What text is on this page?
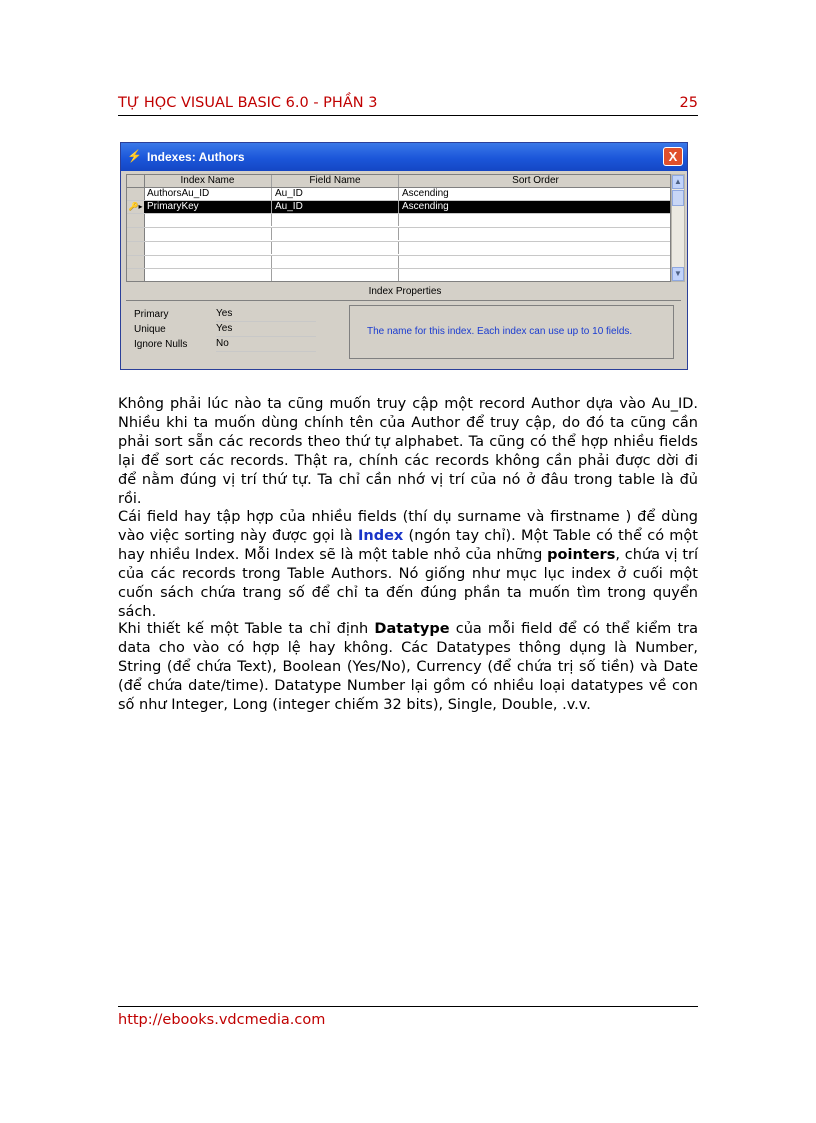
TỰ HỌC VISUAL BASIC 6.0 - PHẦN 3	25
⚡ Indexes: Authors	X
Index Name	Field Name	Sort Order
AuthorsAu_ID	Au_ID	Ascending
🔑▸ PrimaryKey	Au_ID	Ascending
▲
▼
Index Properties
Primary	Yes
Unique	Yes
Ignore Nulls	No
The name for this index. Each index can use up to 10 fields.

Không phải lúc nào ta cũng muốn truy cập một record Author dựa vào Au_ID. Nhiều khi ta muốn dùng chính tên của Author để truy cập, do đó ta cũng cần phải sort sẵn các records theo thứ tự alphabet. Ta cũng có thể hợp nhiều fields lại để sort các records. Thật ra, chính các records không cần phải được dời đi để nằm đúng vị trí thứ tự. Ta chỉ cần nhớ vị trí của nó ở đâu trong table là đủ rồi.

Cái field hay tập hợp của nhiều fields (thí dụ surname và firstname ) để dùng vào việc sorting này được gọi là Index (ngón tay chỉ). Một Table có thể có một hay nhiều Index. Mỗi Index sẽ là một table nhỏ của những pointers, chứa vị trí của các records trong Table Authors. Nó giống như mục lục index ở cuối một cuốn sách chứa trang số để chỉ ta đến đúng phần ta muốn tìm trong quyển sách.

Khi thiết kế một Table ta chỉ định Datatype của mỗi field để có thể kiểm tra data cho vào có hợp lệ hay không. Các Datatypes thông dụng là Number, String (để chứa Text), Boolean (Yes/No), Currency (để chứa trị số tiền) và Date (để chứa date/time). Datatype Number lại gồm có nhiều loại datatypes về con số như Integer, Long (integer chiếm 32 bits), Single, Double, .v.v.

http://ebooks.vdcmedia.com
